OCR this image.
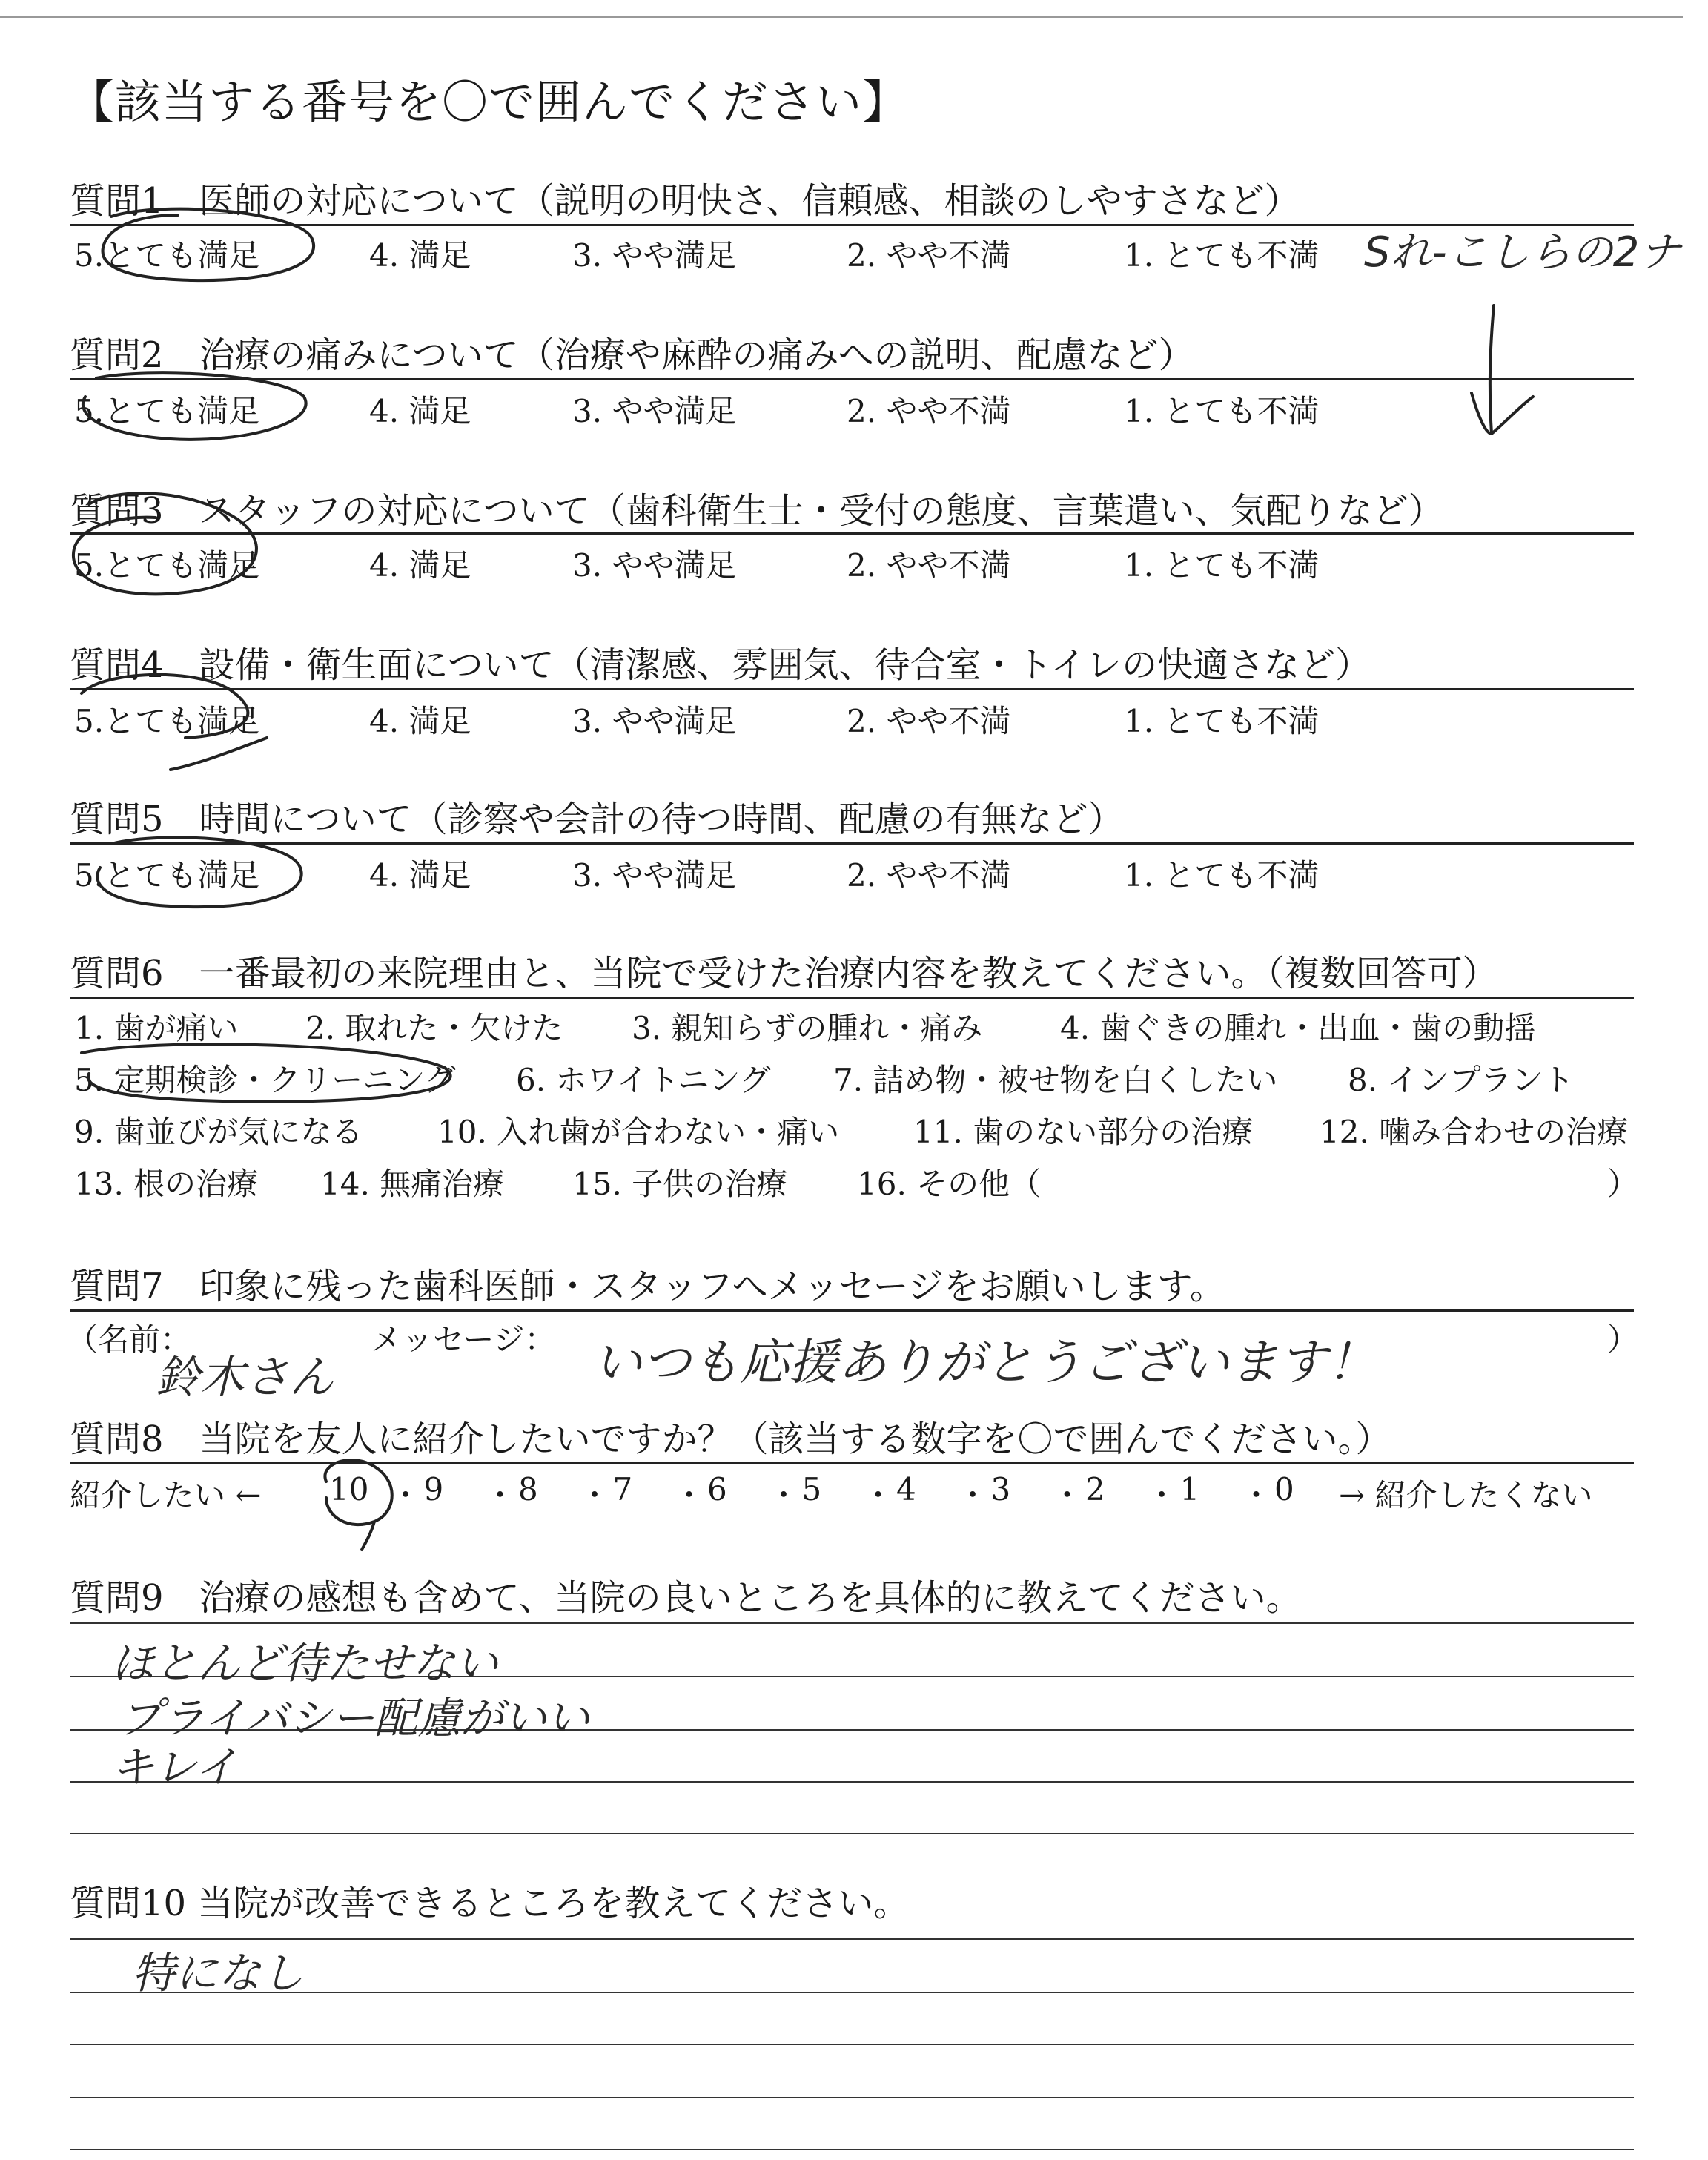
【該当する番号を〇で囲んでください】
質問1　医師の対応について（説明の明快さ、信頼感、相談のしやすさなど）
5.とても満足	4. 満足	3. やや満足	2. やや不満	1. とても不満 Sれ-こしらの2ナ
質問2　治療の痛みについて（治療や麻酔の痛みへの説明、配慮など）
5.とても満足	4. 満足	3. やや満足	2. やや不満	1. とても不満
質問3　スタッフの対応について（歯科衛生士・受付の態度、言葉遣い、気配りなど）
5.とても満足	4. 満足	3. やや満足	2. やや不満	1. とても不満
質問4　設備・衛生面について（清潔感、雰囲気、待合室・トイレの快適さなど）
5.とても満足	4. 満足	3. やや満足	2. やや不満	1. とても不満
質問5　時間について（診察や会計の待つ時間、配慮の有無など）
5.とても満足	4. 満足	3. やや満足	2. やや不満	1. とても不満
質問6　一番最初の来院理由と、当院で受けた治療内容を教えてください。（複数回答可）
1. 歯が痛い 2. 取れた・欠けた 3. 親知らずの腫れ・痛み 4. 歯ぐきの腫れ・出血・歯の動揺
5. 定期検診・クリーニング 6. ホワイトニング 7. 詰め物・被せ物を白くしたい 8. インプラント
9. 歯並びが気になる 10. 入れ歯が合わない・痛い 11. 歯のない部分の治療 12. 噛み合わせの治療
13. 根の治療 14. 無痛治療 15. 子供の治療 16. その他（	）
質問7　印象に残った歯科医師・スタッフへメッセージをお願いします。
（名前：	メッセージ：	）
鈴木さん	いつも応援ありがとうございます！
質問8　当院を友人に紹介したいですか？（該当する数字を〇で囲んでください。）
紹介したい ← 10 ・ 9 ・ 8 ・ 7 ・ 6 ・ 5 ・ 4 ・ 3 ・ 2 ・ 1 ・ 0 → 紹介したくない
質問9　治療の感想も含めて、当院の良いところを具体的に教えてください。
ほとんど待たせない
プライバシー配慮がいい
キレイ
質問10 当院が改善できるところを教えてください。
特になし
